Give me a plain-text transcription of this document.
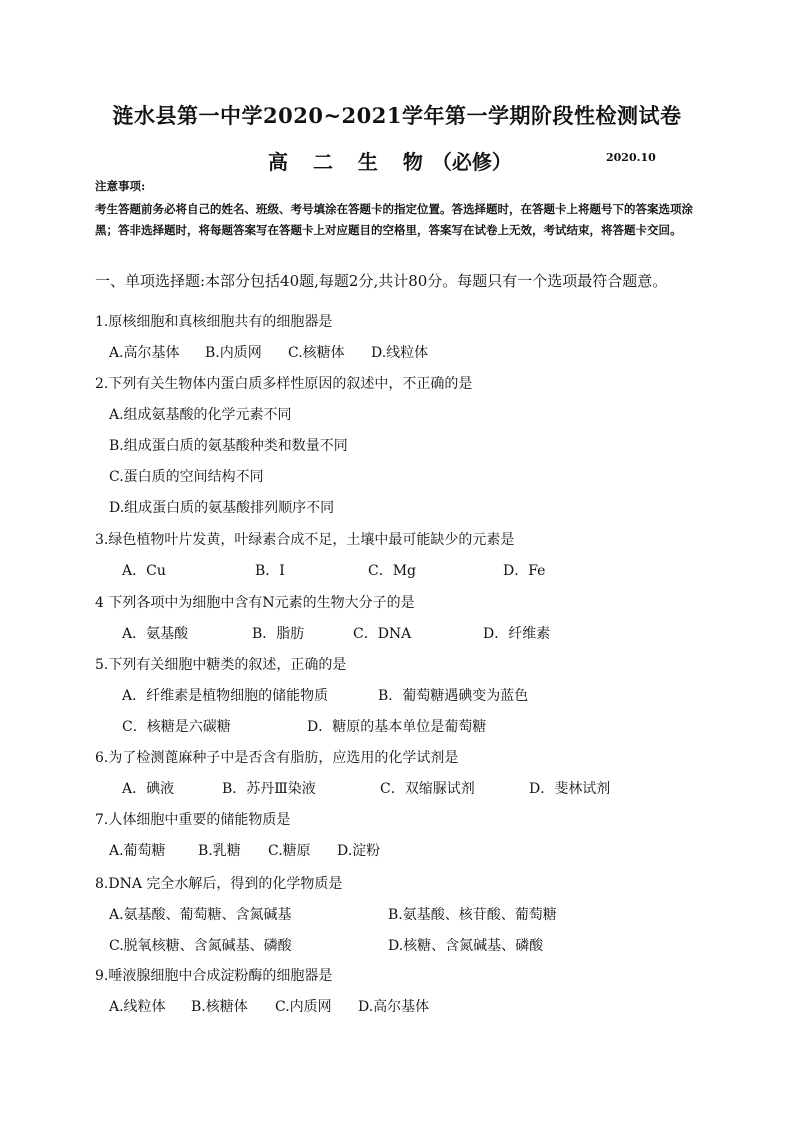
涟水县第一中学2020~2021学年第一学期阶段性检测试卷
高 二 生 物（必修）	2020.10
注意事项:
考生答题前务必将自己的姓名、班级、考号填涂在答题卡的指定位置。答选择题时，在答题卡上将题号下的答案选项涂黑；答非选择题时，将每题答案写在答题卡上对应题目的空格里，答案写在试卷上无效，考试结束，将答题卡交回。
一、单项选择题:本部分包括40题,每题2分,共计80分。每题只有一个选项最符合题意。
1.原核细胞和真核细胞共有的细胞器是
A.高尔基体 B.内质网 C.核糖体 D.线粒体
2.下列有关生物体内蛋白质多样性原因的叙述中，不正确的是
A.组成氨基酸的化学元素不同
B.组成蛋白质的氨基酸种类和数量不同
C.蛋白质的空间结构不同
D.组成蛋白质的氨基酸排列顺序不同
3.绿色植物叶片发黄，叶绿素合成不足，土壤中最可能缺少的元素是
A．Cu	B．I	C．Mg	D．Fe
4 下列各项中为细胞中含有N元素的生物大分子的是
A．氨基酸	B．脂肪	C．DNA	D．纤维素
5.下列有关细胞中糖类的叙述，正确的是
A．纤维素是植物细胞的储能物质	B．葡萄糖遇碘变为蓝色
C．核糖是六碳糖	D．糖原的基本单位是葡萄糖
6.为了检测蓖麻种子中是否含有脂肪，应选用的化学试剂是
A．碘液	B．苏丹Ⅲ染液	C．双缩脲试剂	D．斐林试剂
7.人体细胞中重要的储能物质是
A.葡萄糖 B.乳糖 C.糖原 D.淀粉
8.DNA 完全水解后，得到的化学物质是
A.氨基酸、葡萄糖、含氮碱基	B.氨基酸、核苷酸、葡萄糖
C.脱氧核糖、含氮碱基、磷酸	D.核糖、含氮碱基、磷酸
9.唾液腺细胞中合成淀粉酶的细胞器是
A.线粒体 B.核糖体 C.内质网 D.高尔基体
